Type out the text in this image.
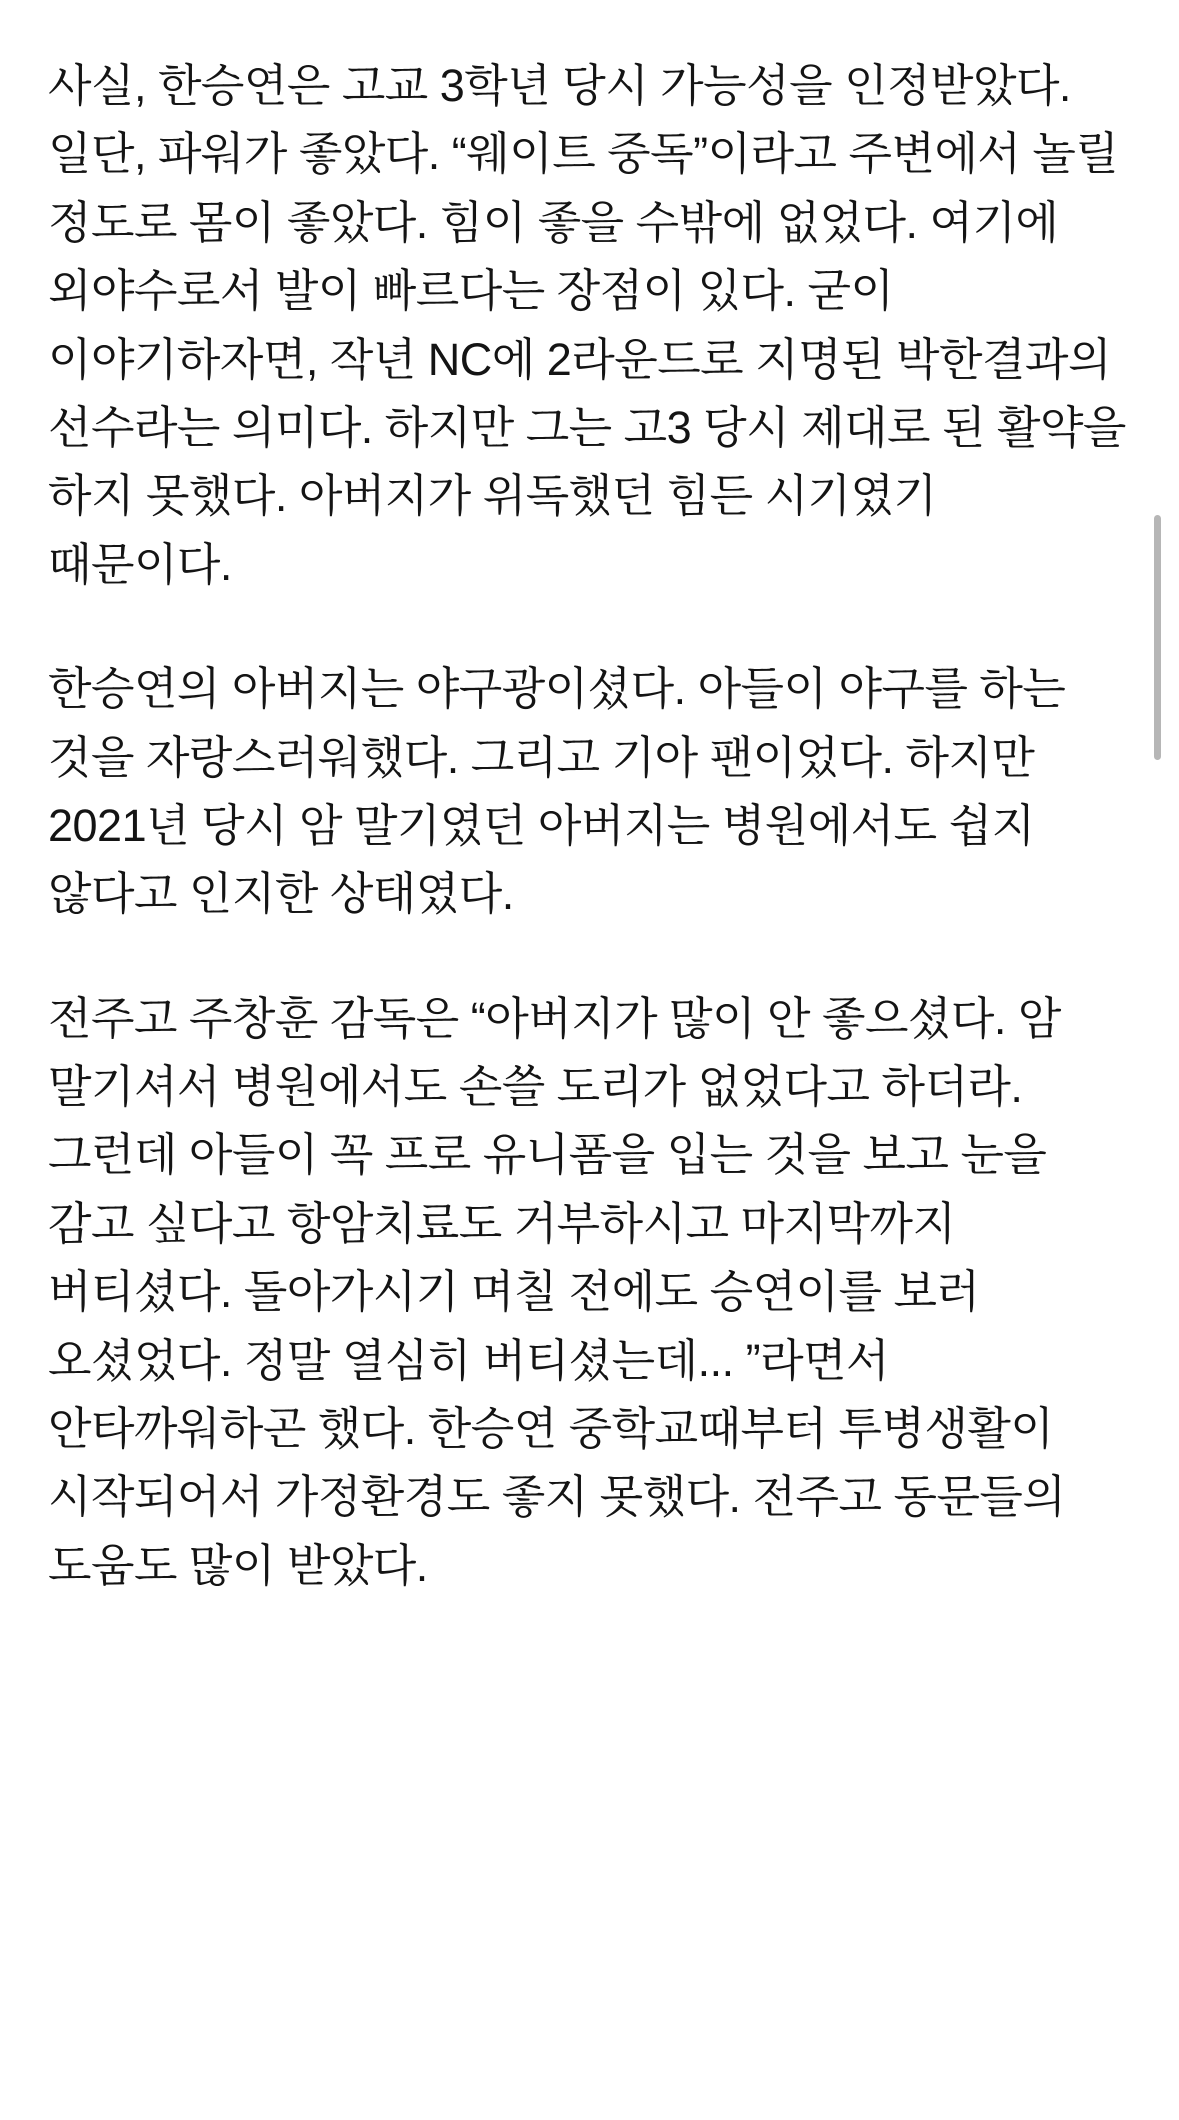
사실, 한승연은 고교 3학년 당시 가능성을 인정받았다. 일단, 파워가 좋았다. “웨이트 중독”이라고 주변에서 놀릴 정도로 몸이 좋았다. 힘이 좋을 수밖에 없었다. 여기에 외야수로서 발이 빠르다는 장점이 있다. 굳이 이야기하자면, 작년 NC에 2라운드로 지명된 박한결과의 선수라는 의미다. 하지만 그는 고3 당시 제대로 된 활약을 하지 못했다. 아버지가 위독했던 힘든 시기였기 때문이다.

한승연의 아버지는 야구광이셨다. 아들이 야구를 하는 것을 자랑스러워했다. 그리고 기아 팬이었다. 하지만 2021년 당시 암 말기였던 아버지는 병원에서도 쉽지 않다고 인지한 상태였다.

전주고 주창훈 감독은 “아버지가 많이 안 좋으셨다. 암 말기셔서 병원에서도 손쓸 도리가 없었다고 하더라. 그런데 아들이 꼭 프로 유니폼을 입는 것을 보고 눈을 감고 싶다고 항암치료도 거부하시고 마지막까지 버티셨다. 돌아가시기 며칠 전에도 승연이를 보러 오셨었다. 정말 열심히 버티셨는데... ”라면서 안타까워하곤 했다. 한승연 중학교때부터 투병생활이 시작되어서 가정환경도 좋지 못했다. 전주고 동문들의 도움도 많이 받았다.
